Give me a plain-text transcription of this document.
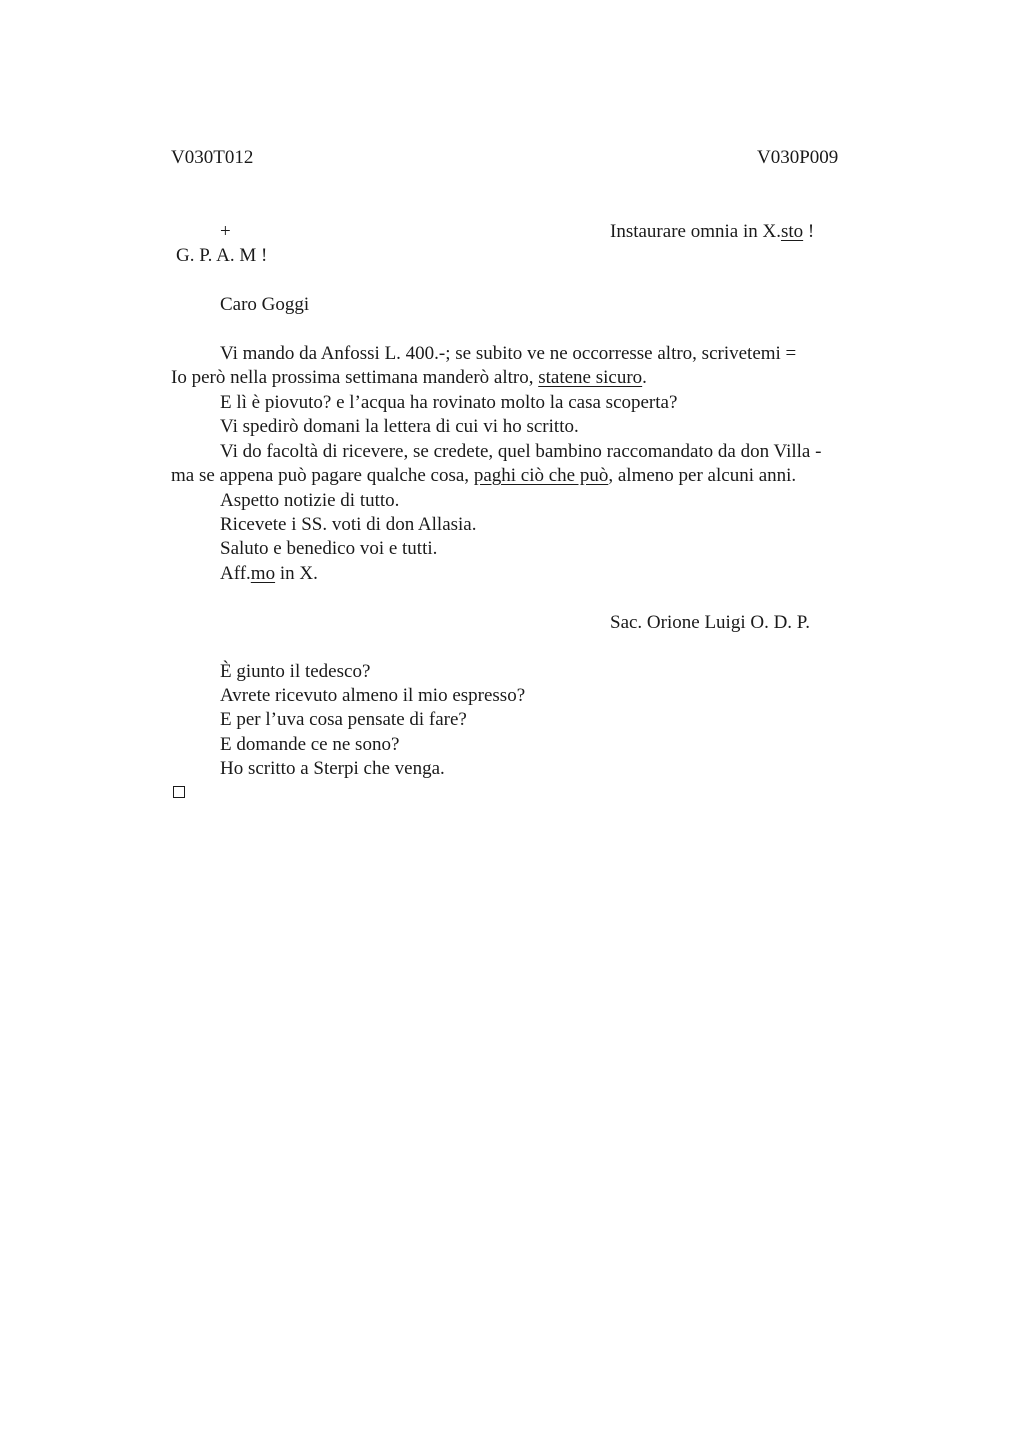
V030T012	V030P009
+	Instaurare omnia in X.sto !
G. P. A. M !
Caro Goggi
Vi mando da Anfossi L. 400.-; se subito ve ne occorresse altro, scrivetemi =
Io però nella prossima settimana manderò altro, statene sicuro.
E lì è piovuto? e l’acqua ha rovinato molto la casa scoperta?
Vi spedirò domani la lettera di cui vi ho scritto.
Vi do facoltà di ricevere, se credete, quel bambino raccomandato da don Villa -
ma se appena può pagare qualche cosa, paghi ciò che può, almeno per alcuni anni.
Aspetto notizie di tutto.
Ricevete i SS. voti di don Allasia.
Saluto e benedico voi e tutti.
Aff.mo in X.
Sac. Orione Luigi O. D. P.
È giunto il tedesco?
Avrete ricevuto almeno il mio espresso?
E per l’uva cosa pensate di fare?
E domande ce ne sono?
Ho scritto a Sterpi che venga.
